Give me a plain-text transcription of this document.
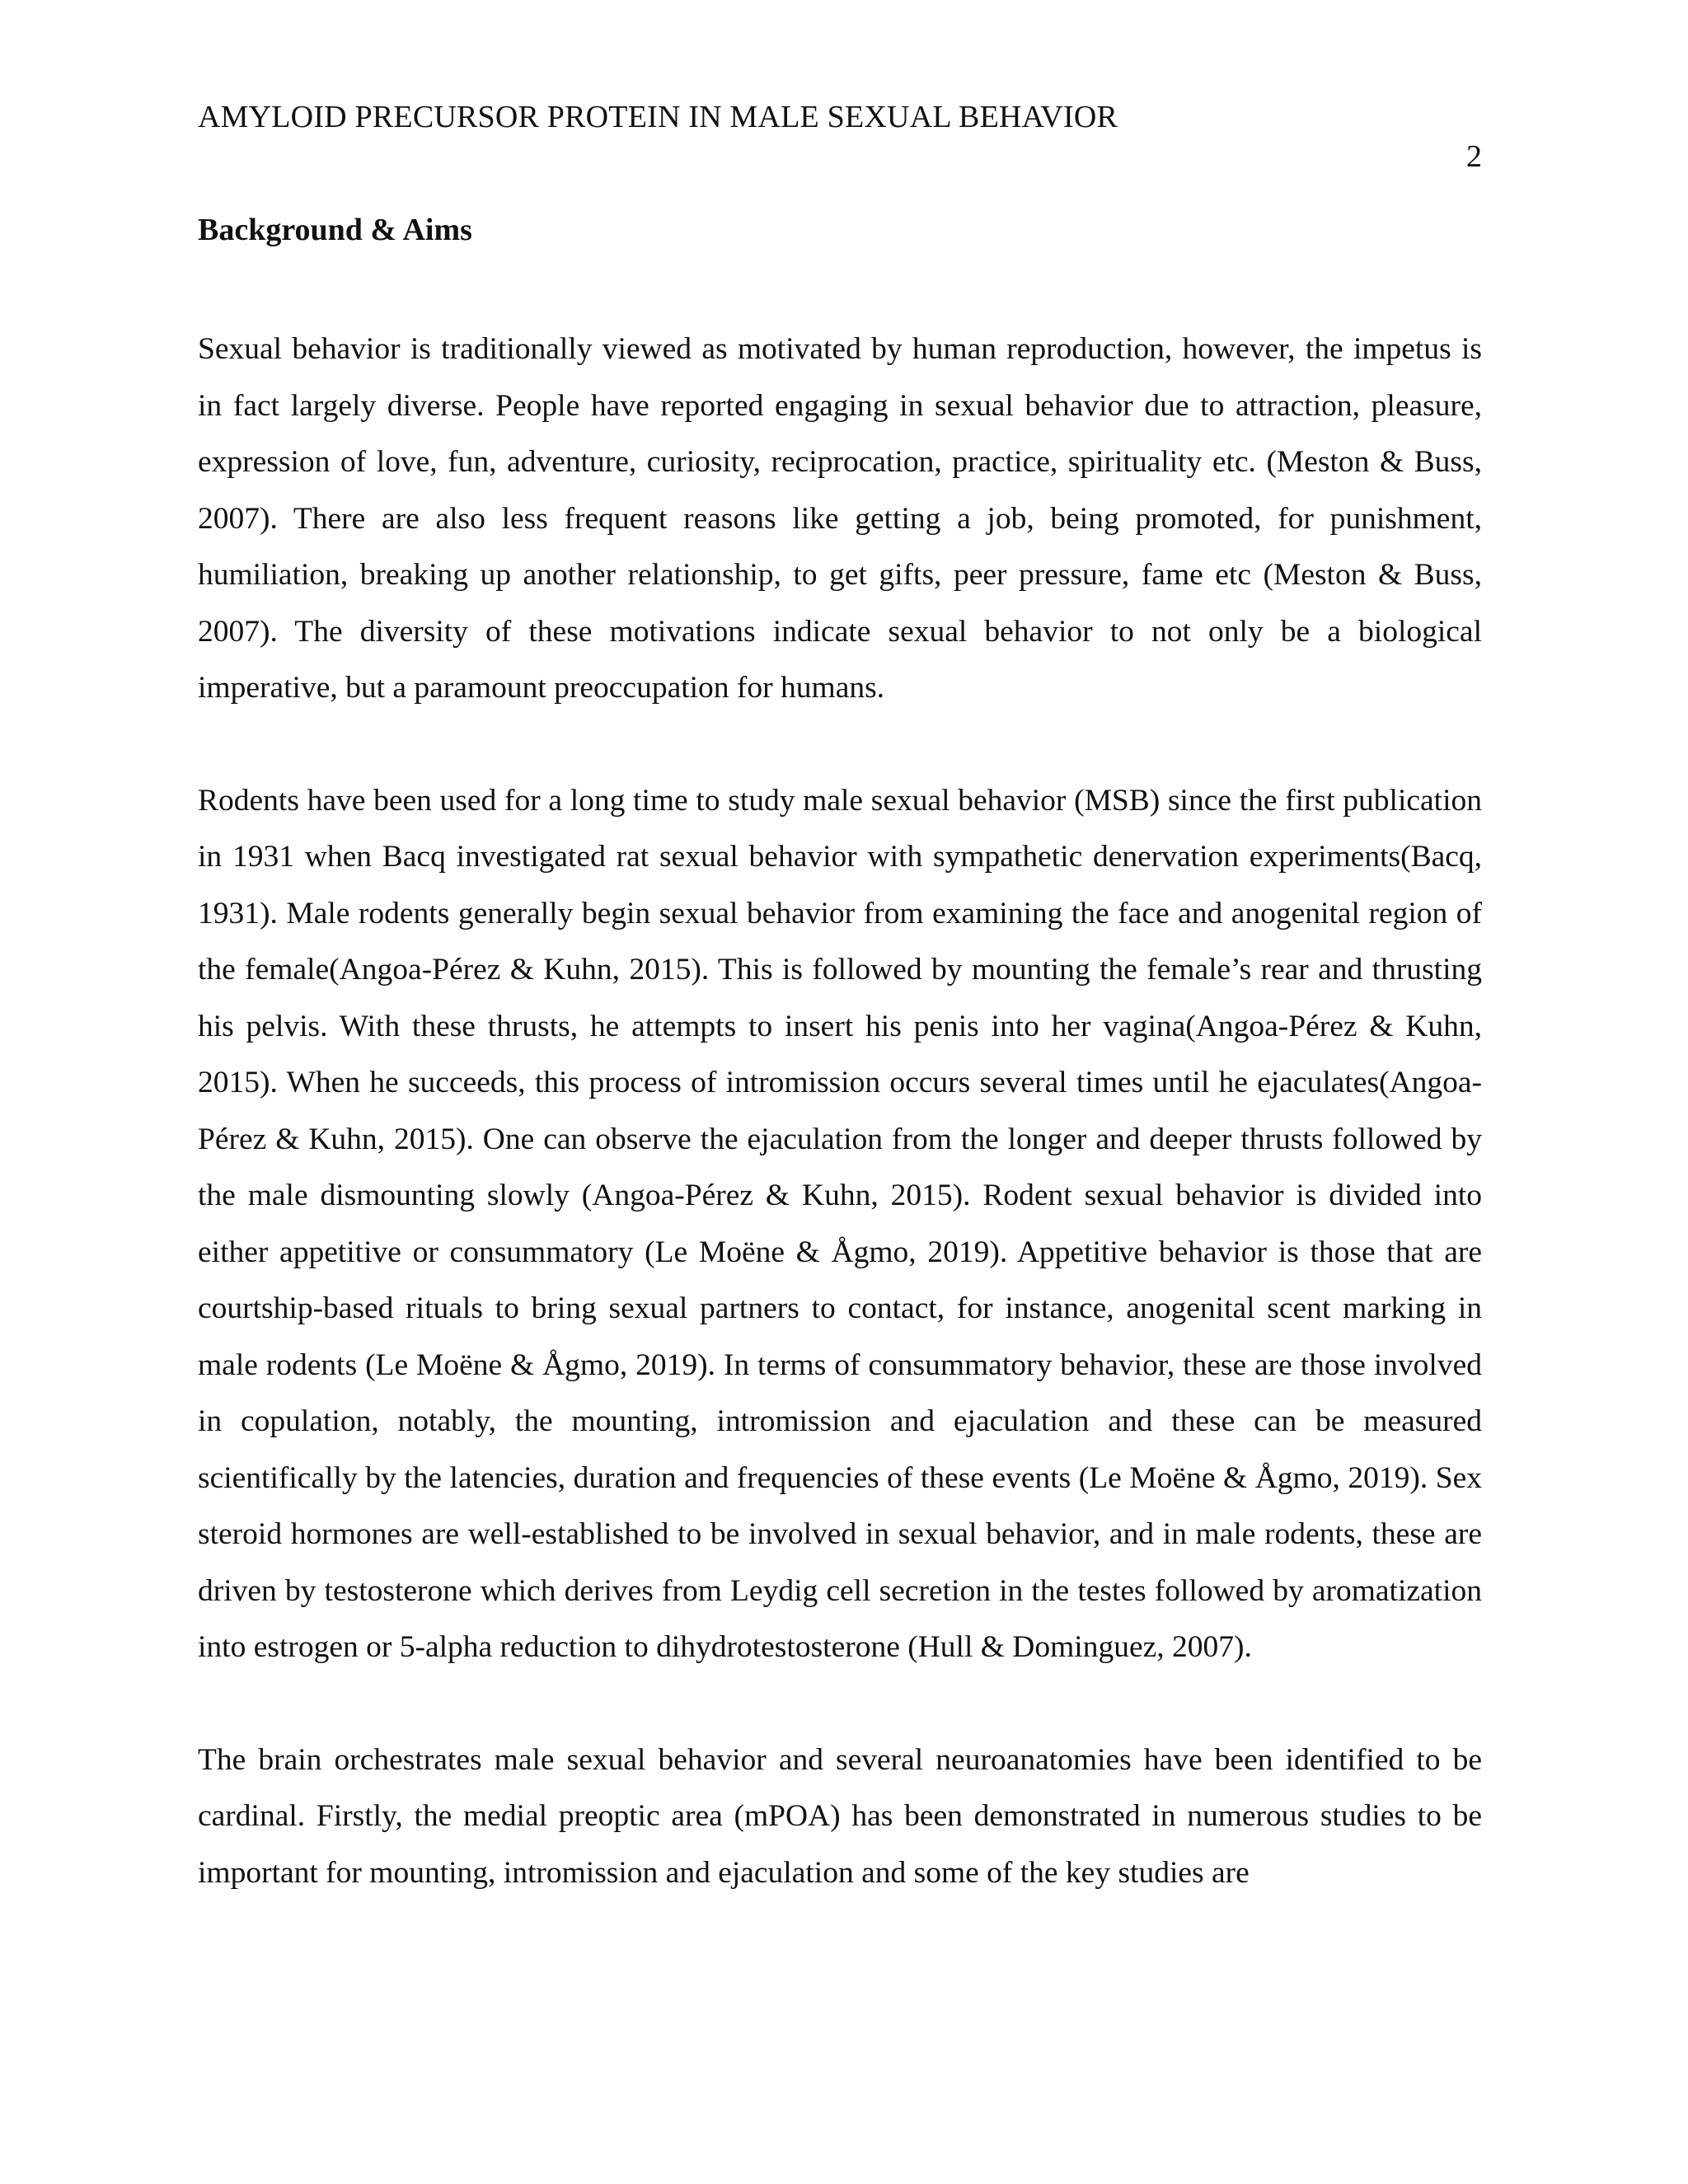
AMYLOID PRECURSOR PROTEIN IN MALE SEXUAL BEHAVIOR
2
Background & Aims

Sexual behavior is traditionally viewed as motivated by human reproduction, however, the impetus is in fact largely diverse. People have reported engaging in sexual behavior due to attraction, pleasure, expression of love, fun, adventure, curiosity, reciprocation, practice, spirituality etc. (Meston & Buss, 2007). There are also less frequent reasons like getting a job, being promoted, for punishment, humiliation, breaking up another relationship, to get gifts, peer pressure, fame etc (Meston & Buss, 2007). The diversity of these motivations indicate sexual behavior to not only be a biological imperative, but a paramount preoccupation for humans.

Rodents have been used for a long time to study male sexual behavior (MSB) since the first publication in 1931 when Bacq investigated rat sexual behavior with sympathetic denervation experiments(Bacq, 1931). Male rodents generally begin sexual behavior from examining the face and anogenital region of the female(Angoa-Pérez & Kuhn, 2015). This is followed by mounting the female’s rear and thrusting his pelvis. With these thrusts, he attempts to insert his penis into her vagina(Angoa-Pérez & Kuhn, 2015). When he succeeds, this process of intromission occurs several times until he ejaculates(Angoa-Pérez & Kuhn, 2015). One can observe the ejaculation from the longer and deeper thrusts followed by the male dismounting slowly (Angoa-Pérez & Kuhn, 2015). Rodent sexual behavior is divided into either appetitive or consummatory (Le Moëne & Ågmo, 2019). Appetitive behavior is those that are courtship-based rituals to bring sexual partners to contact, for instance, anogenital scent marking in male rodents (Le Moëne & Ågmo, 2019). In terms of consummatory behavior, these are those involved in copulation, notably, the mounting, intromission and ejaculation and these can be measured scientifically by the latencies, duration and frequencies of these events (Le Moëne & Ågmo, 2019). Sex steroid hormones are well-established to be involved in sexual behavior, and in male rodents, these are driven by testosterone which derives from Leydig cell secretion in the testes followed by aromatization into estrogen or 5-alpha reduction to dihydrotestosterone (Hull & Dominguez, 2007).

The brain orchestrates male sexual behavior and several neuroanatomies have been identified to be cardinal. Firstly, the medial preoptic area (mPOA) has been demonstrated in numerous studies to be important for mounting, intromission and ejaculation and some of the key studies are
